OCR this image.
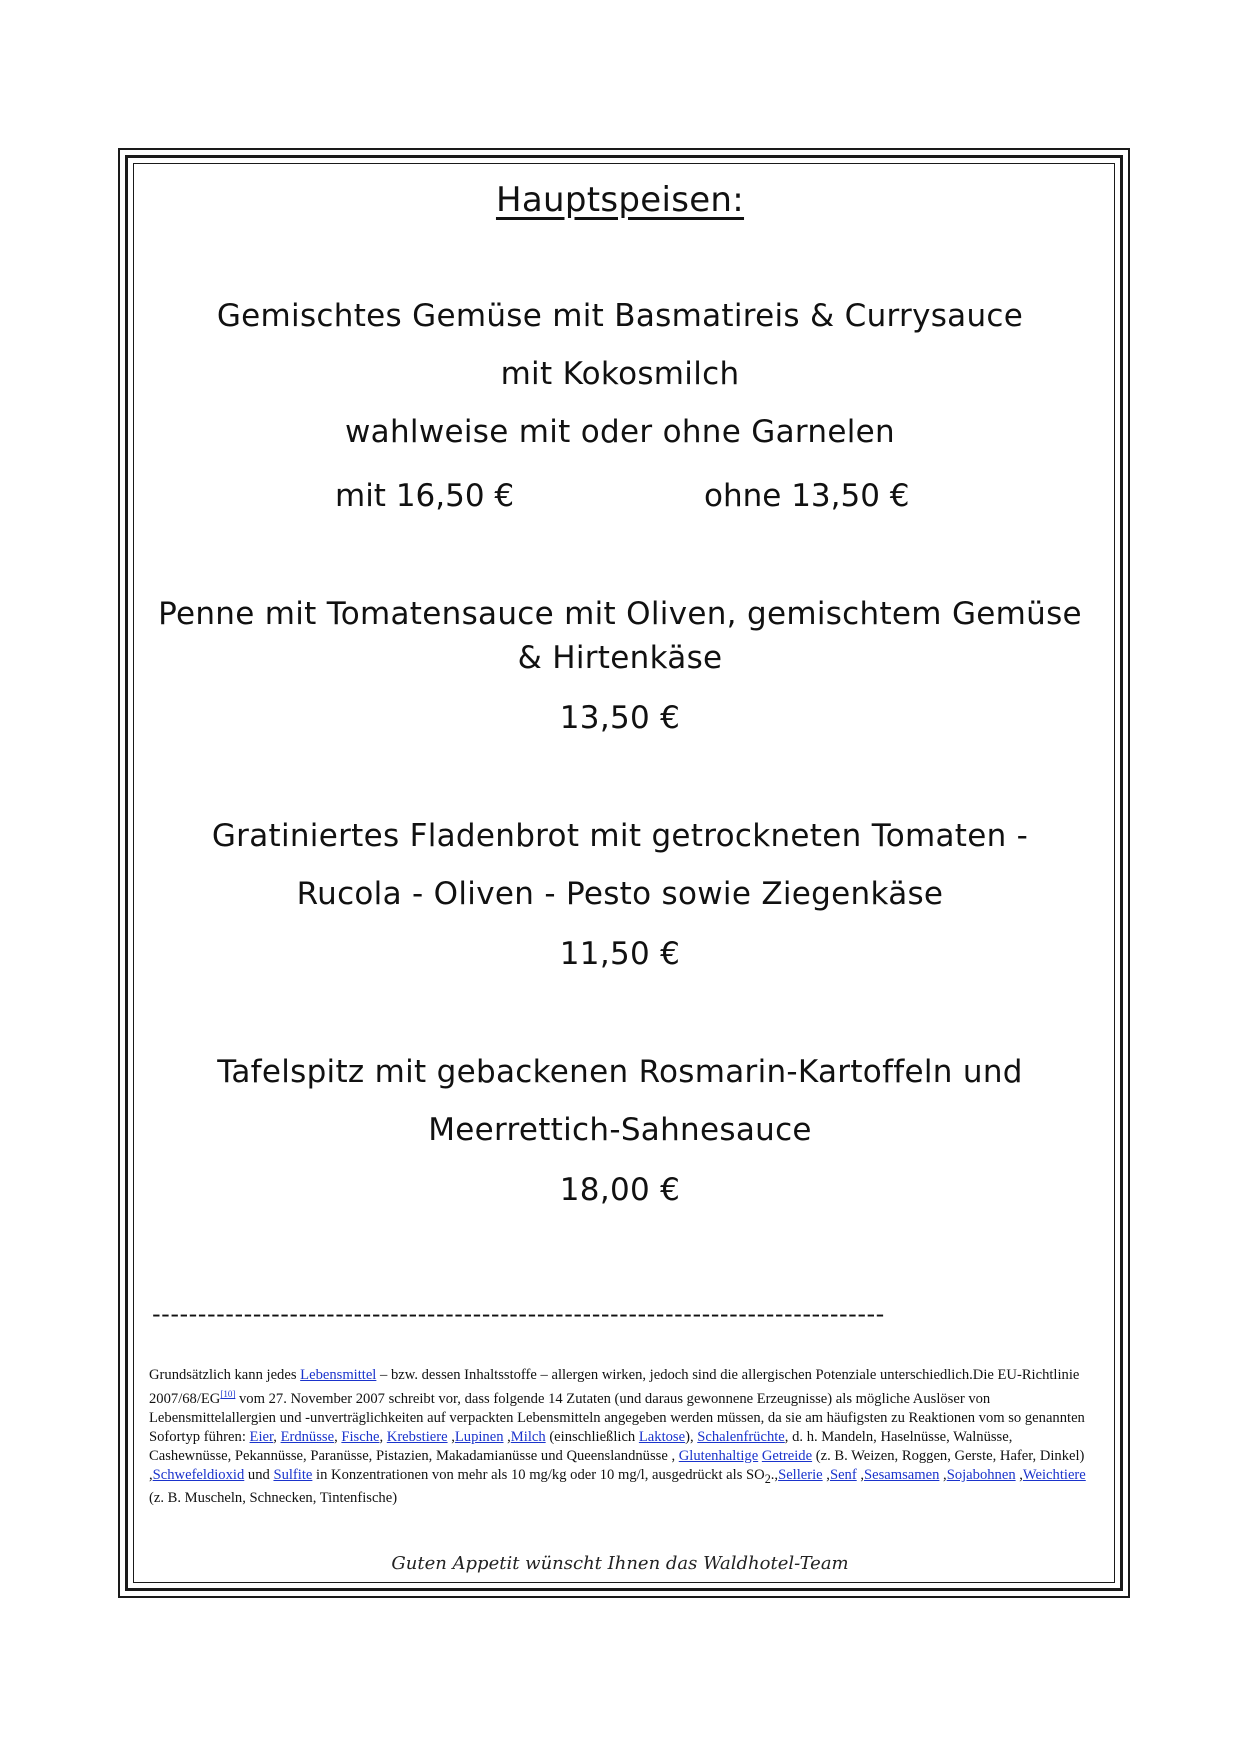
Hauptspeisen:
Gemischtes Gemüse mit Basmatireis & Currysauce
mit Kokosmilch
wahlweise mit oder ohne Garnelen
mit 16,50 €	ohne 13,50 €
Penne mit Tomatensauce mit Oliven, gemischtem Gemüse
& Hirtenkäse
13,50 €
Gratiniertes Fladenbrot mit getrockneten Tomaten -
Rucola - Oliven - Pesto sowie Ziegenkäse
11,50 €
Tafelspitz mit gebackenen Rosmarin-Kartoffeln und
Meerrettich-Sahnesauce
18,00 €
--------------------------------------------------------------------------------
Grundsätzlich kann jedes Lebensmittel – bzw. dessen Inhaltsstoffe – allergen wirken, jedoch sind die allergischen Potenziale unterschiedlich.Die EU-Richtlinie 2007/68/EG[10] vom 27. November 2007 schreibt vor, dass folgende 14 Zutaten (und daraus gewonnene Erzeugnisse) als mögliche Auslöser von Lebensmittelallergien und -unverträglichkeiten auf verpackten Lebensmitteln angegeben werden müssen, da sie am häufigsten zu Reaktionen vom so genannten Sofortyp führen: Eier, Erdnüsse, Fische, Krebstiere ,Lupinen ,Milch (einschließlich Laktose), Schalenfrüchte, d. h. Mandeln, Haselnüsse, Walnüsse, Cashewnüsse, Pekannüsse, Paranüsse, Pistazien, Makadamianüsse und Queenslandnüsse , Glutenhaltige Getreide (z. B. Weizen, Roggen, Gerste, Hafer, Dinkel) ,Schwefeldioxid und Sulfite in Konzentrationen von mehr als 10 mg/kg oder 10 mg/l, ausgedrückt als $SO_2.,Sellerie$ ,Senf ,Sesamsamen ,Sojabohnen ,Weichtiere (z. B. Muscheln, Schnecken, Tintenfische)
Guten Appetit wünscht Ihnen das Waldhotel-Team
